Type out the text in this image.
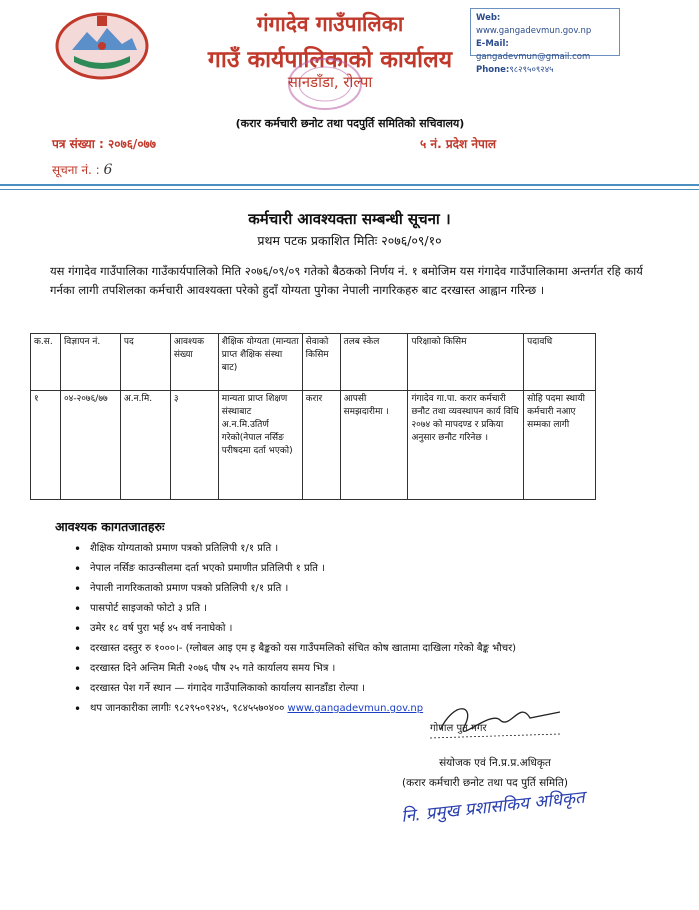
गंगादेव गाउँपालिका
गाउँ कार्यपालिकाको कार्यालय
सानडाँडा, रोल्पा
Web: www.gangadevmun.gov.np
E-Mail: gangadevmun@gmail.com
Phone:९८२९५०९२४५
(करार कर्मचारी छनोट तथा पदपुर्ति समितिको सचिवालय)
पत्र संख्या : २०७६/०७७	५ नं. प्रदेश नेपाल
सूचना नं. : 6
कर्मचारी आवश्यक्ता सम्बन्धी सूचना ।
प्रथम पटक प्रकाशित मितिः २०७६/०९/१०
यस गंगादेव गाउँपालिका गाउँकार्यपालिको मिति २०७६/०९/०९ गतेको बैठकको निर्णय नं. १ बमोजिम यस गंगादेव गाउँपालिकामा अन्तर्गत रहि कार्य गर्नका लागी तपशिलका कर्मचारी आवश्यक्ता परेको हुदाँ योग्यता पुगेका नेपाली नागरिकहरु बाट दरखास्त आह्वान गरिन्छ ।
क.स.	विज्ञापन नं.	पद	आवश्यक संख्या	शैक्षिक योग्यता (मान्यता प्राप्त शैक्षिक संस्था बाट)	सेवाको किसिम	तलब स्केल	परिक्षाको किसिम	पदावधि
१	०४-२०७६/७७	अ.न.मि.	३	मान्यता प्राप्त शिक्षण संस्थाबाट अ.न.मि.उतिर्ण गरेको(नेपाल नर्सिङ परीषदमा दर्ता भएको)	करार	आपसी समझदारीमा ।	गंगादेव गा.पा. करार कर्मचारी छनौट तथा व्यवस्थापन कार्य विधि २०७४ को मापदण्ड र प्रकिया अनुसार छनौट गरिनेछ ।	सोहि पदमा स्थायी कर्मचारी नआए सम्मका लागी
आवश्यक कागतजातहरुः
• शैक्षिक योग्यताको प्रमाण पत्रको प्रतिलिपी १/१ प्रति ।
• नेपाल नर्सिङ काउन्सीलमा दर्ता भएको प्रमाणीत प्रतिलिपी १ प्रति ।
• नेपाली नागरिकताको प्रमाण पत्रको प्रतिलिपी १/१ प्रति ।
• पासपोर्ट साइजको फोटो ३ प्रति ।
• उमेर १८ वर्ष पुरा भई ४५ वर्ष ननाघेको ।
• दरखास्त दस्तुर रु १०००।- (ग्लोबल आइ एम इ बैङ्कको यस गाउँपमलिको संचित कोष खातामा दाखिला गरेको बैङ्क भौचर)
• दरखास्त दिने अन्तिम मिती २०७६ पौष २५ गते कार्यालय समय भित्र ।
• दरखास्त पेश गर्ने स्थान — गंगादेव गाउँपालिकाको कार्यालय सानडाँडा रोल्पा ।
• थप जानकारीका लागीः ९८२९५०९२४५, ९८४५५७०४०० www.gangadevmun.gov.np
गोपाल पुन मगर
संयोजक एवं नि.प्र.प्र.अधिकृत
(करार कर्मचारी छनोट तथा पद पुर्ति समिति)
नि. प्रमुख प्रशासकिय अधिकृत
